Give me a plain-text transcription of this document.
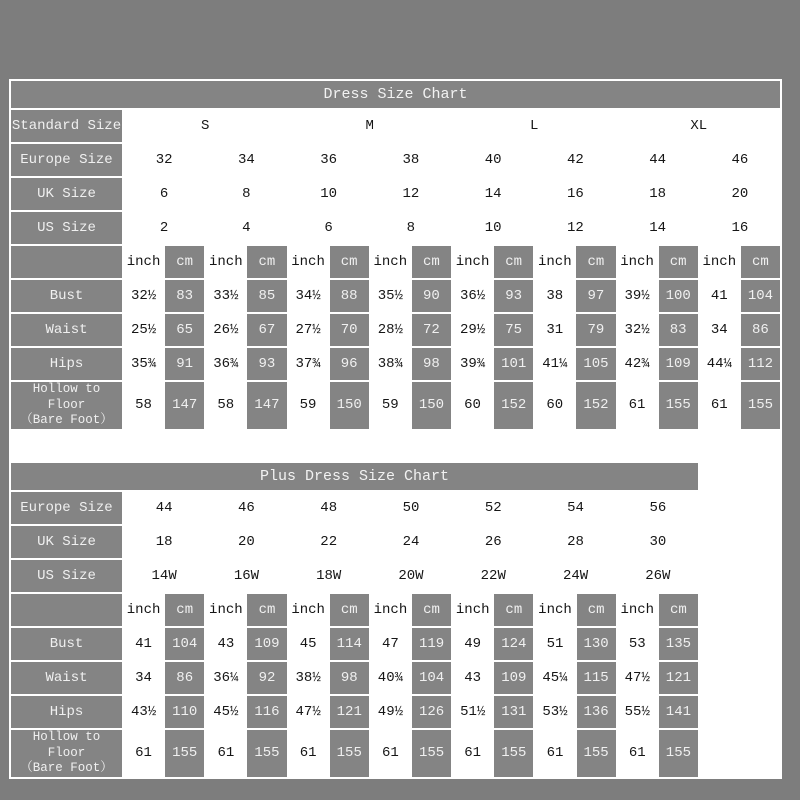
Dress Size Chart																
Standard Size	S				M				L				XL			
Europe Size	32		34		36		38		40		42		44		46	
UK Size	6		8		10		12		14		16		18		20	
US Size	2		4		6		8		10		12		14		16	
	inch	cm	inch	cm	inch	cm	inch	cm	inch	cm	inch	cm	inch	cm	inch	cm
Bust	32½	83	33½	85	34½	88	35½	90	36½	93	38	97	39½	100	41	104
Waist	25½	65	26½	67	27½	70	28½	72	29½	75	31	79	32½	83	34	86
Hips	35¾	91	36¾	93	37¾	96	38¾	98	39¾	101	41¼	105	42¾	109	44¼	112

Hollow to Floor
（Bare Foot）	58	147	58	147	59	150	59	150	60	152	60	152	61	155	61	155
Plus Dress Size Chart														
Europe Size	44		46		48		50		52		54		56	
UK Size	18		20		22		24		26		28		30	
US Size	14W		16W		18W		20W		22W		24W		26W	
	inch	cm	inch	cm	inch	cm	inch	cm	inch	cm	inch	cm	inch	cm
Bust	41	104	43	109	45	114	47	119	49	124	51	130	53	135
Waist	34	86	36¼	92	38½	98	40¾	104	43	109	45¼	115	47½	121
Hips	43½	110	45½	116	47½	121	49½	126	51½	131	53½	136	55½	141

Hollow to Floor
（Bare Foot）	61	155	61	155	61	155	61	155	61	155	61	155	61	155
